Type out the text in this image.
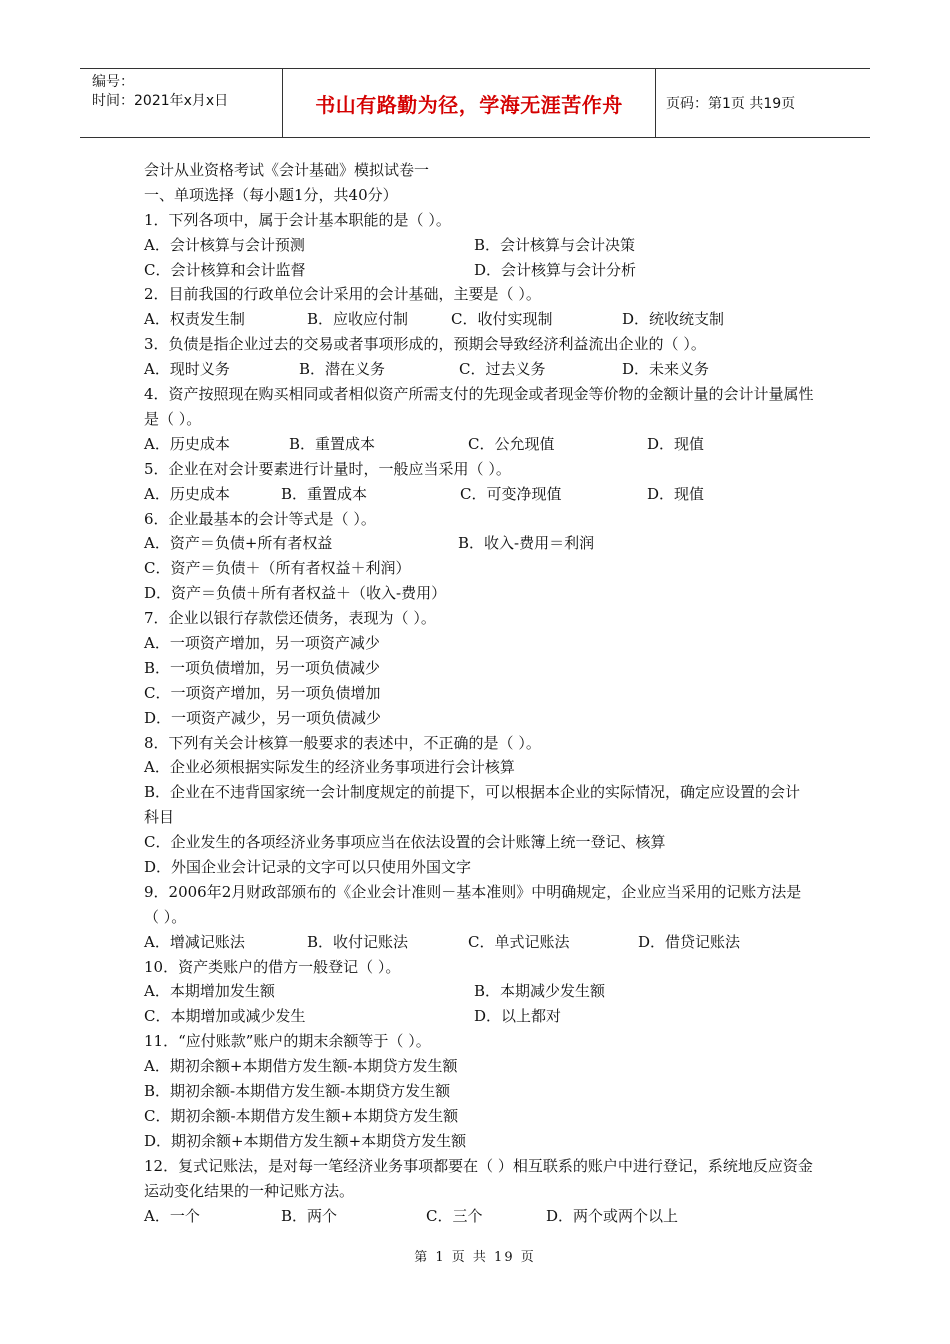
编号：
时间：2021年x月x日	书山有路勤为径，学海无涯苦作舟	页码：第1页 共19页
会计从业资格考试《会计基础》模拟试卷一
一、单项选择（每小题1分，共40分）
1．下列各项中，属于会计基本职能的是（ ）。
A．会计核算与会计预测	B．会计核算与会计决策
C．会计核算和会计监督	D．会计核算与会计分析
2．目前我国的行政单位会计采用的会计基础，主要是（ ）。
A．权责发生制	B．应收应付制	C．收付实现制	D．统收统支制
3．负债是指企业过去的交易或者事项形成的，预期会导致经济利益流出企业的（ ）。
A．现时义务	B．潜在义务	C．过去义务	D．未来义务
4．资产按照现在购买相同或者相似资产所需支付的先现金或者现金等价物的金额计量的会计计量属性是（ ）。
A．历史成本	B．重置成本	C．公允现值	D．现值
5．企业在对会计要素进行计量时，一般应当采用（ ）。
A．历史成本	B．重置成本	C．可变净现值	D．现值
6．企业最基本的会计等式是（ ）。
A．资产＝负债+所有者权益	B．收入-费用＝利润
C．资产＝负债＋（所有者权益＋利润）
D．资产＝负债＋所有者权益＋（收入-费用）
7．企业以银行存款偿还债务，表现为（ ）。
A．一项资产增加，另一项资产减少
B．一项负债增加，另一项负债减少
C．一项资产增加，另一项负债增加
D．一项资产减少，另一项负债减少
8．下列有关会计核算一般要求的表述中，不正确的是（ ）。
A．企业必须根据实际发生的经济业务事项进行会计核算
B．企业在不违背国家统一会计制度规定的前提下，可以根据本企业的实际情况，确定应设置的会计科目
C．企业发生的各项经济业务事项应当在依法设置的会计账簿上统一登记、核算
D．外国企业会计记录的文字可以只使用外国文字
9．2006年2月财政部颁布的《企业会计准则－基本准则》中明确规定，企业应当采用的记账方法是（ ）。
A．增减记账法	B．收付记账法	C．单式记账法	D．借贷记账法
10．资产类账户的借方一般登记（ ）。
A．本期增加发生额	B．本期减少发生额
C．本期增加或减少发生	D．以上都对
11．“应付账款”账户的期末余额等于（ ）。
A．期初余额+本期借方发生额-本期贷方发生额
B．期初余额-本期借方发生额-本期贷方发生额
C．期初余额-本期借方发生额+本期贷方发生额
D．期初余额+本期借方发生额+本期贷方发生额
12．复式记账法，是对每一笔经济业务事项都要在（ ）相互联系的账户中进行登记，系统地反应资金运动变化结果的一种记账方法。
A．一个	B．两个	C．三个	D．两个或两个以上
第 1 页 共 19 页
